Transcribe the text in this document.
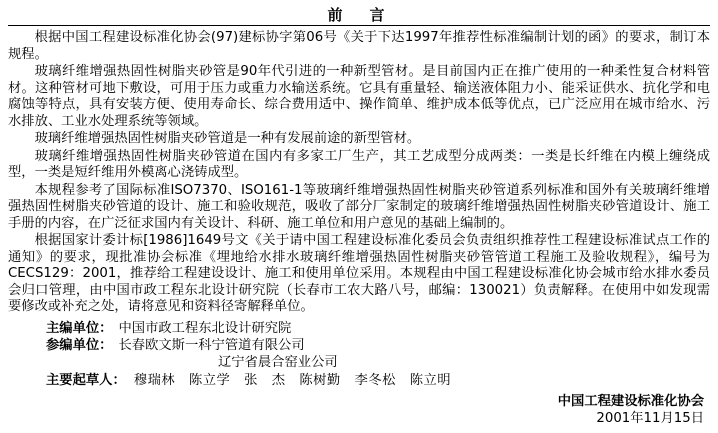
前　言

根据中国工程建设标准化协会(97)建标协字第06号《关于下达1997年推荐性标准编制计划的函》的要求，制订本规程。

玻璃纤维增强热固性树脂夹砂管是90年代引进的一种新型管材。是目前国内正在推广使用的一种柔性复合材料管材。这种管材可地下敷设，可用于压力或重力水输送系统。它具有重量轻、输送液体阻力小、能采证供水、抗化学和电腐蚀等特点，具有安装方便、使用寿命长、综合费用适中、操作简单、维护成本低等优点，已广泛应用在城市给水、污水排放、工业水处理系统等领域。

玻璃纤维增强热固性树脂夹砂管道是一种有发展前途的新型管材。

玻璃纤维增强热固性树脂夹砂管道在国内有多家工厂生产，其工艺成型分成两类：一类是长纤维在内模上缠绕成型，一类是短纤维用外模离心浇铸成型。

本规程参考了国际标准ISO7370、ISO161-1等玻璃纤维增强热固性树脂夹砂管道系列标准和国外有关玻璃纤维增强热固性树脂夹砂管道的设计、施工和验收规范，吸收了部分厂家制定的玻璃纤维增强热固性树脂夹砂管道设计、施工手册的内容，在广泛征求国内有关设计、科研、施工单位和用户意见的基础上编制的。

根据国家计委计标[1986]1649号文《关于请中国工程建设标准化委员会负责组织推荐性工程建设标准试点工作的通知》的要求，现批准协会标准《埋地给水排水玻璃纤维增强热固性树脂夹砂管管道工程施工及验收规程》，编号为CECS129：2001，推荐给工程建设设计、施工和使用单位采用。本规程由中国工程建设标准化协会城市给水排水委员会归口管理，由中国市政工程东北设计研究院（长春市工农大路八号，邮编：130021）负责解释。在使用中如发现需要修改或补充之处，请将意见和资料径寄解释单位。

主编单位： 中国市政工程东北设计研究院
参编单位： 长春欧文斯一科宁管道有限公司
辽宁省晨合窑业公司
主要起草人： 穆瑞林　陈立学　张　杰　陈树勤　李冬松　陈立明
中国工程建设标准化协会
2001年11月15日
